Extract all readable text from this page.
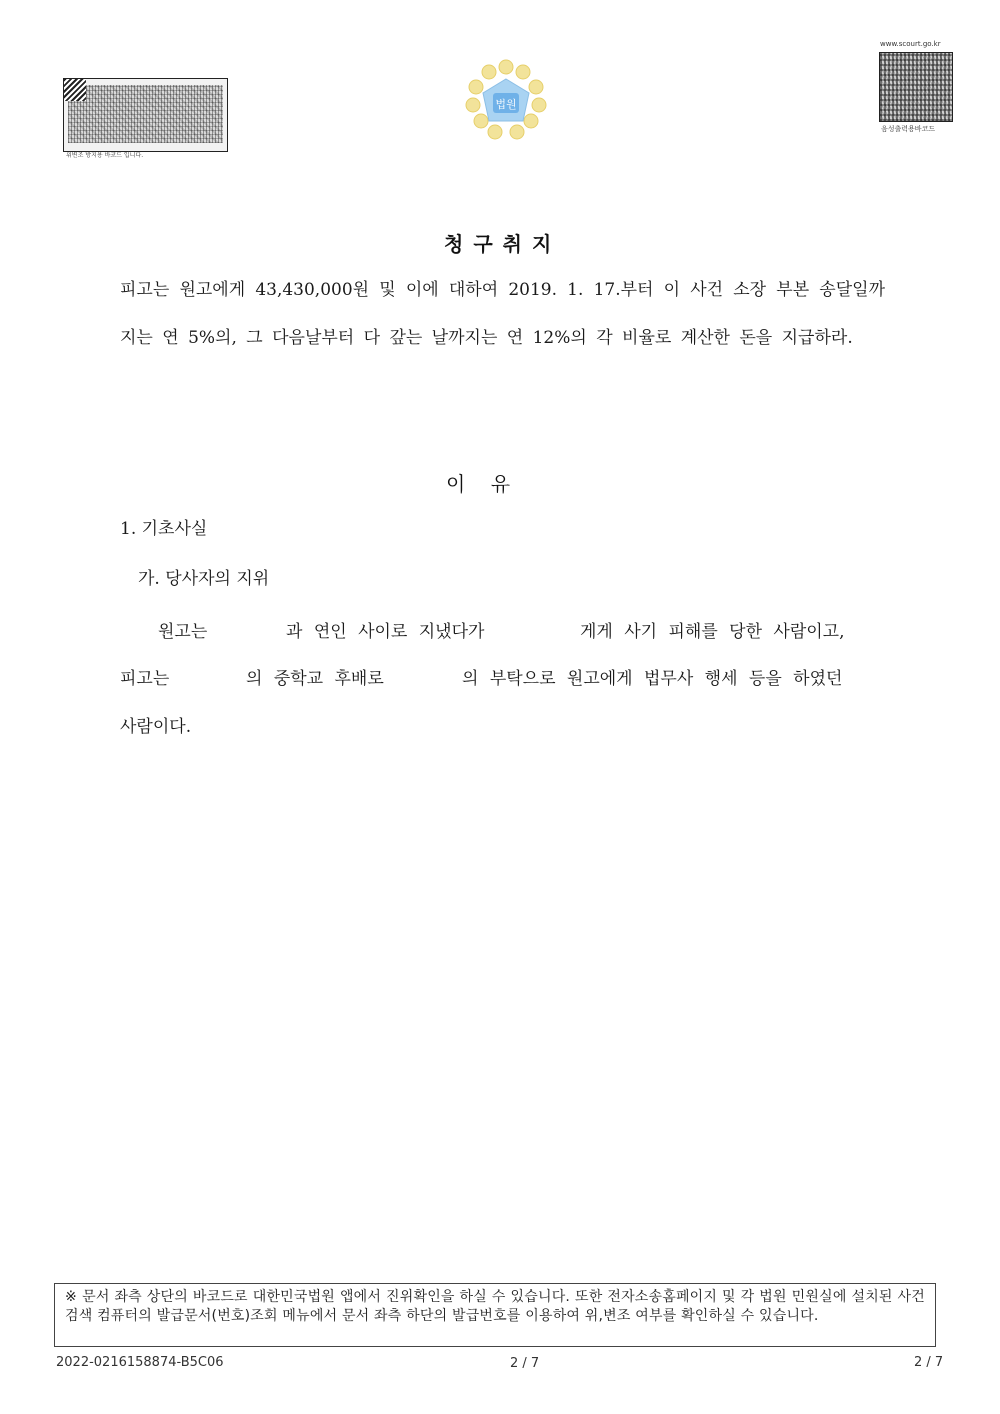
위변조 방지용 바코드 입니다.
법원
www.scourt.go.kr
음성출력용바코드
청구취지
피고는 원고에게 43,430,000원 및 이에 대하여 2019. 1. 17.부터 이 사건 소장 부본 송달일까지는 연 5%의, 그 다음날부터 다 갚는 날까지는 연 12%의 각 비율로 계산한 돈을 지급하라.
이    유
1. 기초사실
가. 당사자의 지위
원고는	과 연인 사이로 지냈다가	게게 사기 피해를 당한 사람이고,
피고는	의 중학교 후배로	의 부탁으로 원고에게 법무사 행세 등을 하였던
사람이다.
※ 문서 좌측 상단의 바코드로 대한민국법원 앱에서 진위확인을 하실 수 있습니다. 또한 전자소송홈페이지 및 각 법원 민원실에 설치된 사건검색 컴퓨터의 발급문서(번호)조회 메뉴에서 문서 좌측 하단의 발급번호를 이용하여 위,변조 여부를 확인하실 수 있습니다.
2022-0216158874-B5C06	2 / 7	2 / 7
